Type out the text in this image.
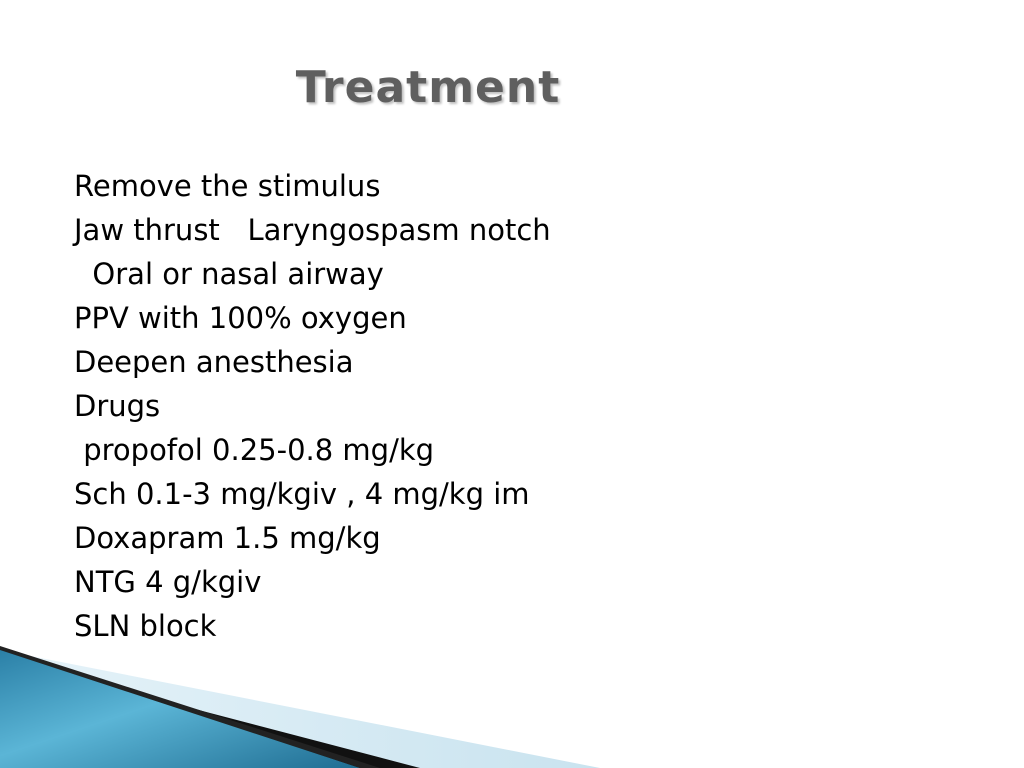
Treatment
Remove the stimulus
Jaw thrust   Laryngospasm notch
Oral or nasal airway
PPV with 100% oxygen
Deepen anesthesia
Drugs
propofol 0.25-0.8 mg/kg
Sch 0.1-3 mg/kgiv , 4 mg/kg im
Doxapram 1.5 mg/kg
NTG 4 g/kgiv
SLN block
